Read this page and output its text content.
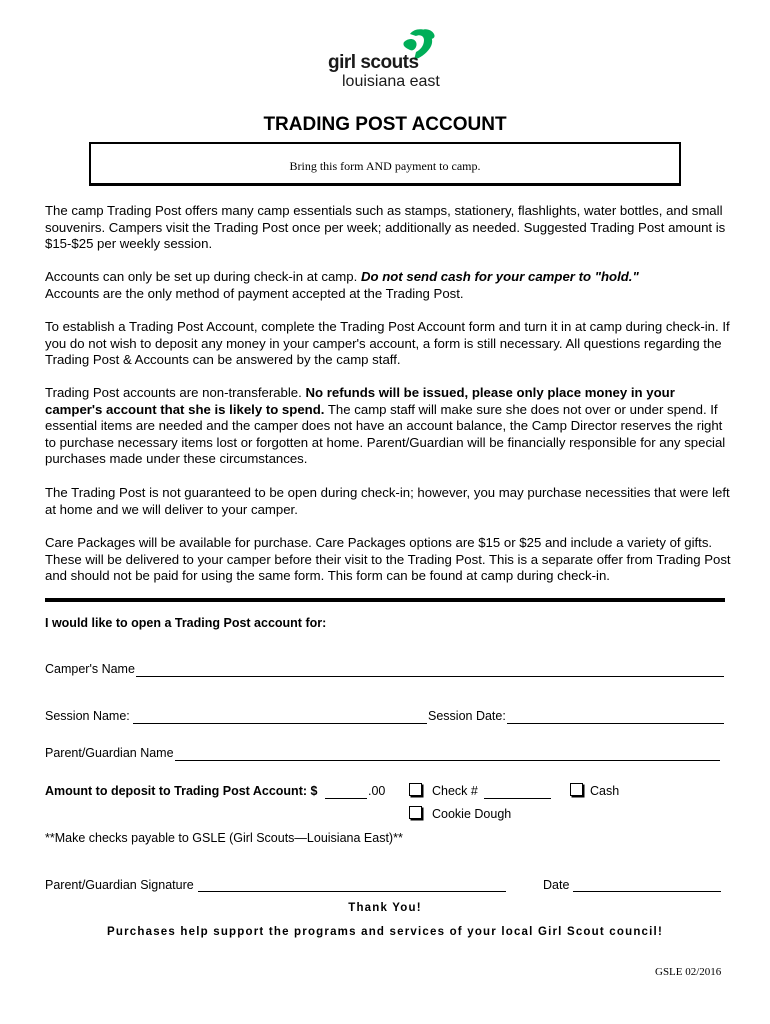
girl scouts
louisiana east
TRADING POST ACCOUNT
Bring this form AND payment to camp.
The camp Trading Post offers many camp essentials such as stamps, stationery, flashlights, water bottles, and small souvenirs. Campers visit the Trading Post once per week; additionally as needed. Suggested Trading Post amount is $15-$25 per weekly session.
Accounts can only be set up during check-in at camp. Do not send cash for your camper to "hold."
Accounts are the only method of payment accepted at the Trading Post.
To establish a Trading Post Account, complete the Trading Post Account form and turn it in at camp during check-in. If you do not wish to deposit any money in your camper's account, a form is still necessary. All questions regarding the Trading Post & Accounts can be answered by the camp staff.
Trading Post accounts are non-transferable. No refunds will be issued, please only place money in your camper's account that she is likely to spend. The camp staff will make sure she does not over or under spend. If essential items are needed and the camper does not have an account balance, the Camp Director reserves the right to purchase necessary items lost or forgotten at home. Parent/Guardian will be financially responsible for any special purchases made under these circumstances.
The Trading Post is not guaranteed to be open during check-in; however, you may purchase necessities that were left at home and we will deliver to your camper.
Care Packages will be available for purchase. Care Packages options are $15 or $25 and include a variety of gifts. These will be delivered to your camper before their visit to the Trading Post. This is a separate offer from Trading Post and should not be paid for using the same form. This form can be found at camp during check-in.
I would like to open a Trading Post account for:
Camper's Name
Session Name:	Session Date:
Parent/Guardian Name
Amount to deposit to Trading Post Account: $	.00	Check #	Cash
Cookie Dough
**Make checks payable to GSLE (Girl Scouts—Louisiana East)**
Parent/Guardian Signature	Date
Thank You!
Purchases help support the programs and services of your local Girl Scout council!
GSLE 02/2016
